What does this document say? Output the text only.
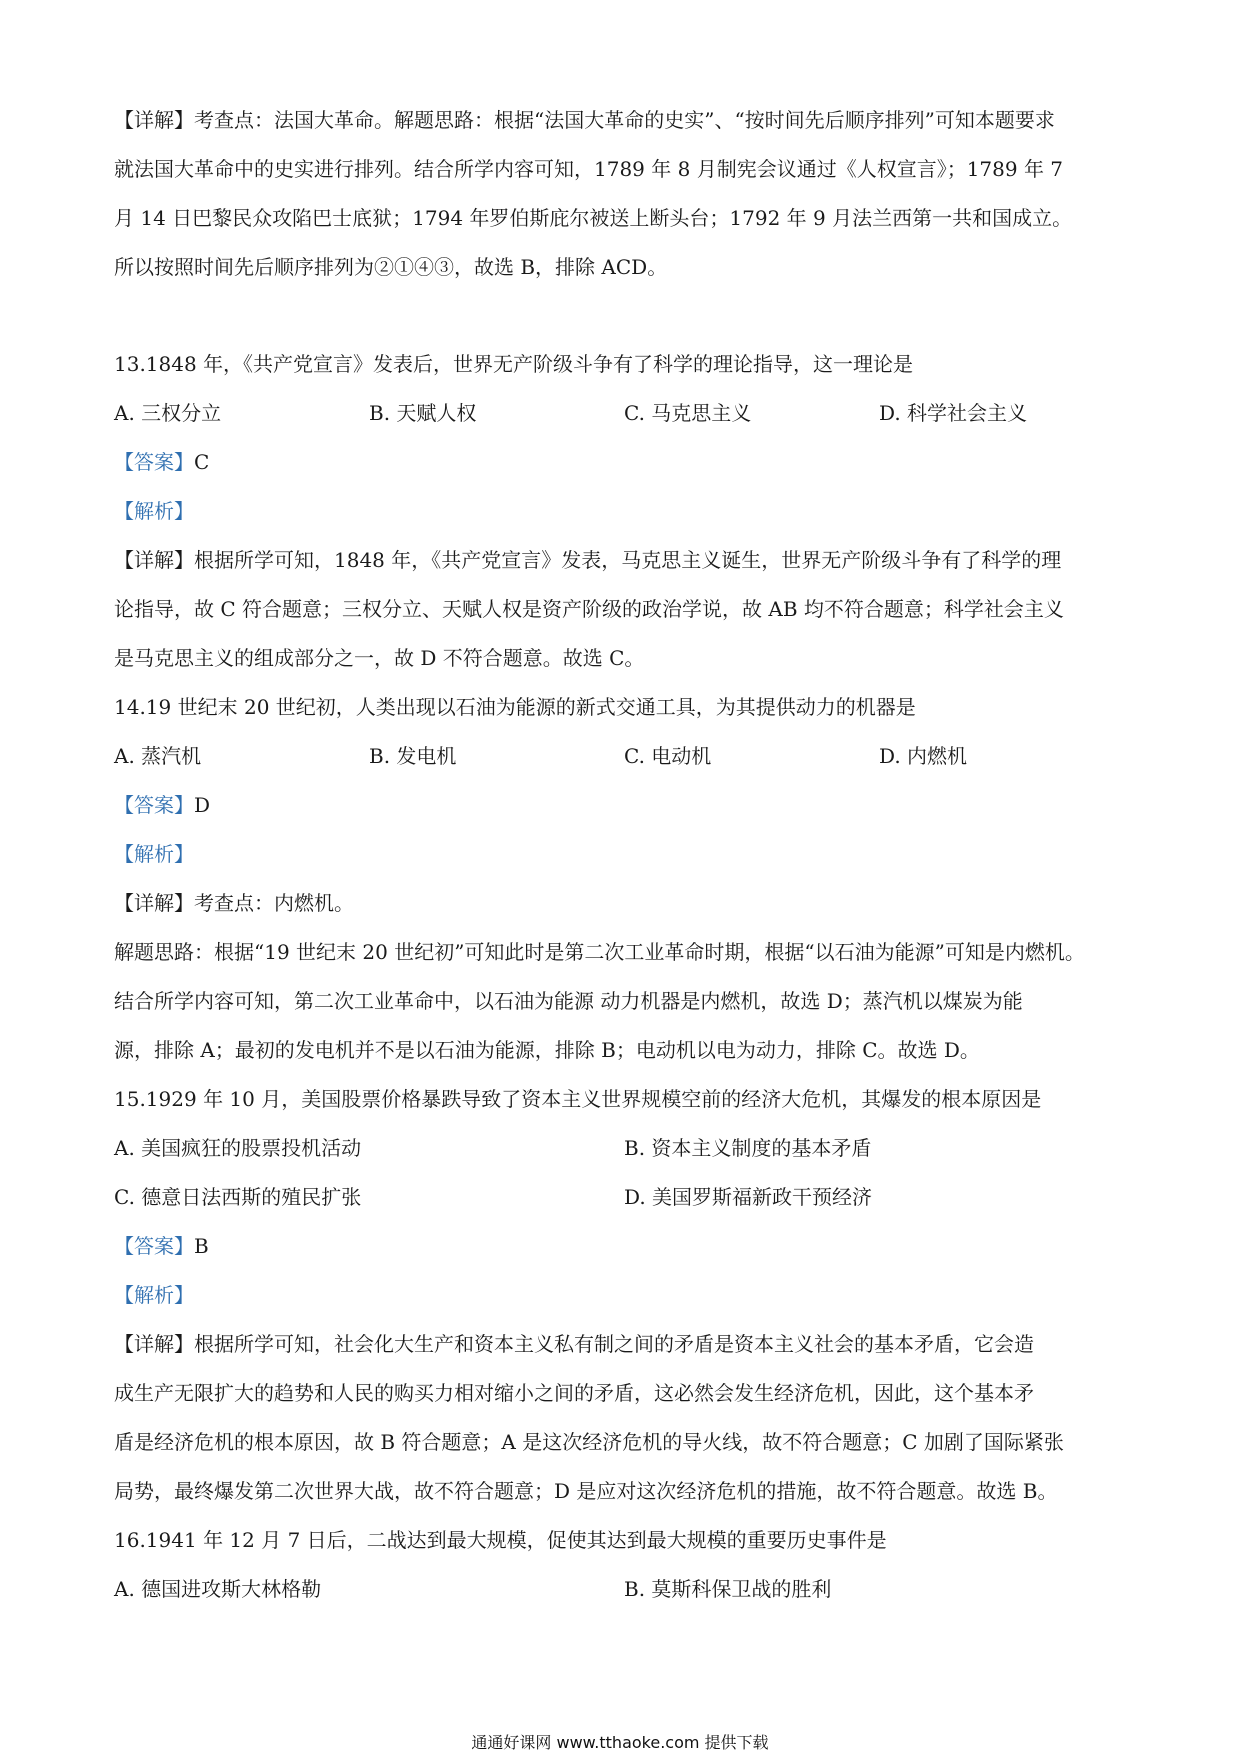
【详解】考查点：法国大革命。解题思路：根据“法国大革命的史实”、“按时间先后顺序排列”可知本题要求
就法国大革命中的史实进行排列。结合所学内容可知，1789 年 8 月制宪会议通过《人权宣言》；1789 年 7
月 14 日巴黎民众攻陷巴士底狱；1794 年罗伯斯庇尔被送上断头台；1792 年 9 月法兰西第一共和国成立。
所以按照时间先后顺序排列为②①④③，故选 B，排除 ACD。
13.1848 年，《共产党宣言》发表后，世界无产阶级斗争有了科学的理论指导，这一理论是
A. 三权分立	B. 天赋人权	C. 马克思主义	D. 科学社会主义
【答案】C
【解析】
【详解】根据所学可知，1848 年，《共产党宣言》发表，马克思主义诞生，世界无产阶级斗争有了科学的理
论指导，故 C 符合题意；三权分立、天赋人权是资产阶级的政治学说，故 AB 均不符合题意；科学社会主义
是马克思主义的组成部分之一，故 D 不符合题意。故选 C。
14.19 世纪末 20 世纪初，人类出现以石油为能源的新式交通工具，为其提供动力的机器是
A. 蒸汽机	B. 发电机	C. 电动机	D. 内燃机
【答案】D
【解析】
【详解】考查点：内燃机。
解题思路：根据“19 世纪末 20 世纪初”可知此时是第二次工业革命时期，根据“以石油为能源”可知是内燃机。
结合所学内容可知，第二次工业革命中，以石油为能源 动力机器是内燃机，故选 D；蒸汽机以煤炭为能
源，排除 A；最初的发电机并不是以石油为能源，排除 B；电动机以电为动力，排除 C。故选 D。
15.1929 年 10 月，美国股票价格暴跌导致了资本主义世界规模空前的经济大危机，其爆发的根本原因是
A. 美国疯狂的股票投机活动	B. 资本主义制度的基本矛盾
C. 德意日法西斯的殖民扩张	D. 美国罗斯福新政干预经济
【答案】B
【解析】
【详解】根据所学可知，社会化大生产和资本主义私有制之间的矛盾是资本主义社会的基本矛盾，它会造
成生产无限扩大的趋势和人民的购买力相对缩小之间的矛盾，这必然会发生经济危机，因此，这个基本矛
盾是经济危机的根本原因，故 B 符合题意；A 是这次经济危机的导火线，故不符合题意；C 加剧了国际紧张
局势，最终爆发第二次世界大战，故不符合题意；D 是应对这次经济危机的措施，故不符合题意。故选 B。
16.1941 年 12 月 7 日后，二战达到最大规模，促使其达到最大规模的重要历史事件是
A. 德国进攻斯大林格勒	B. 莫斯科保卫战的胜利
通通好课网 www.tthaoke.com 提供下载
